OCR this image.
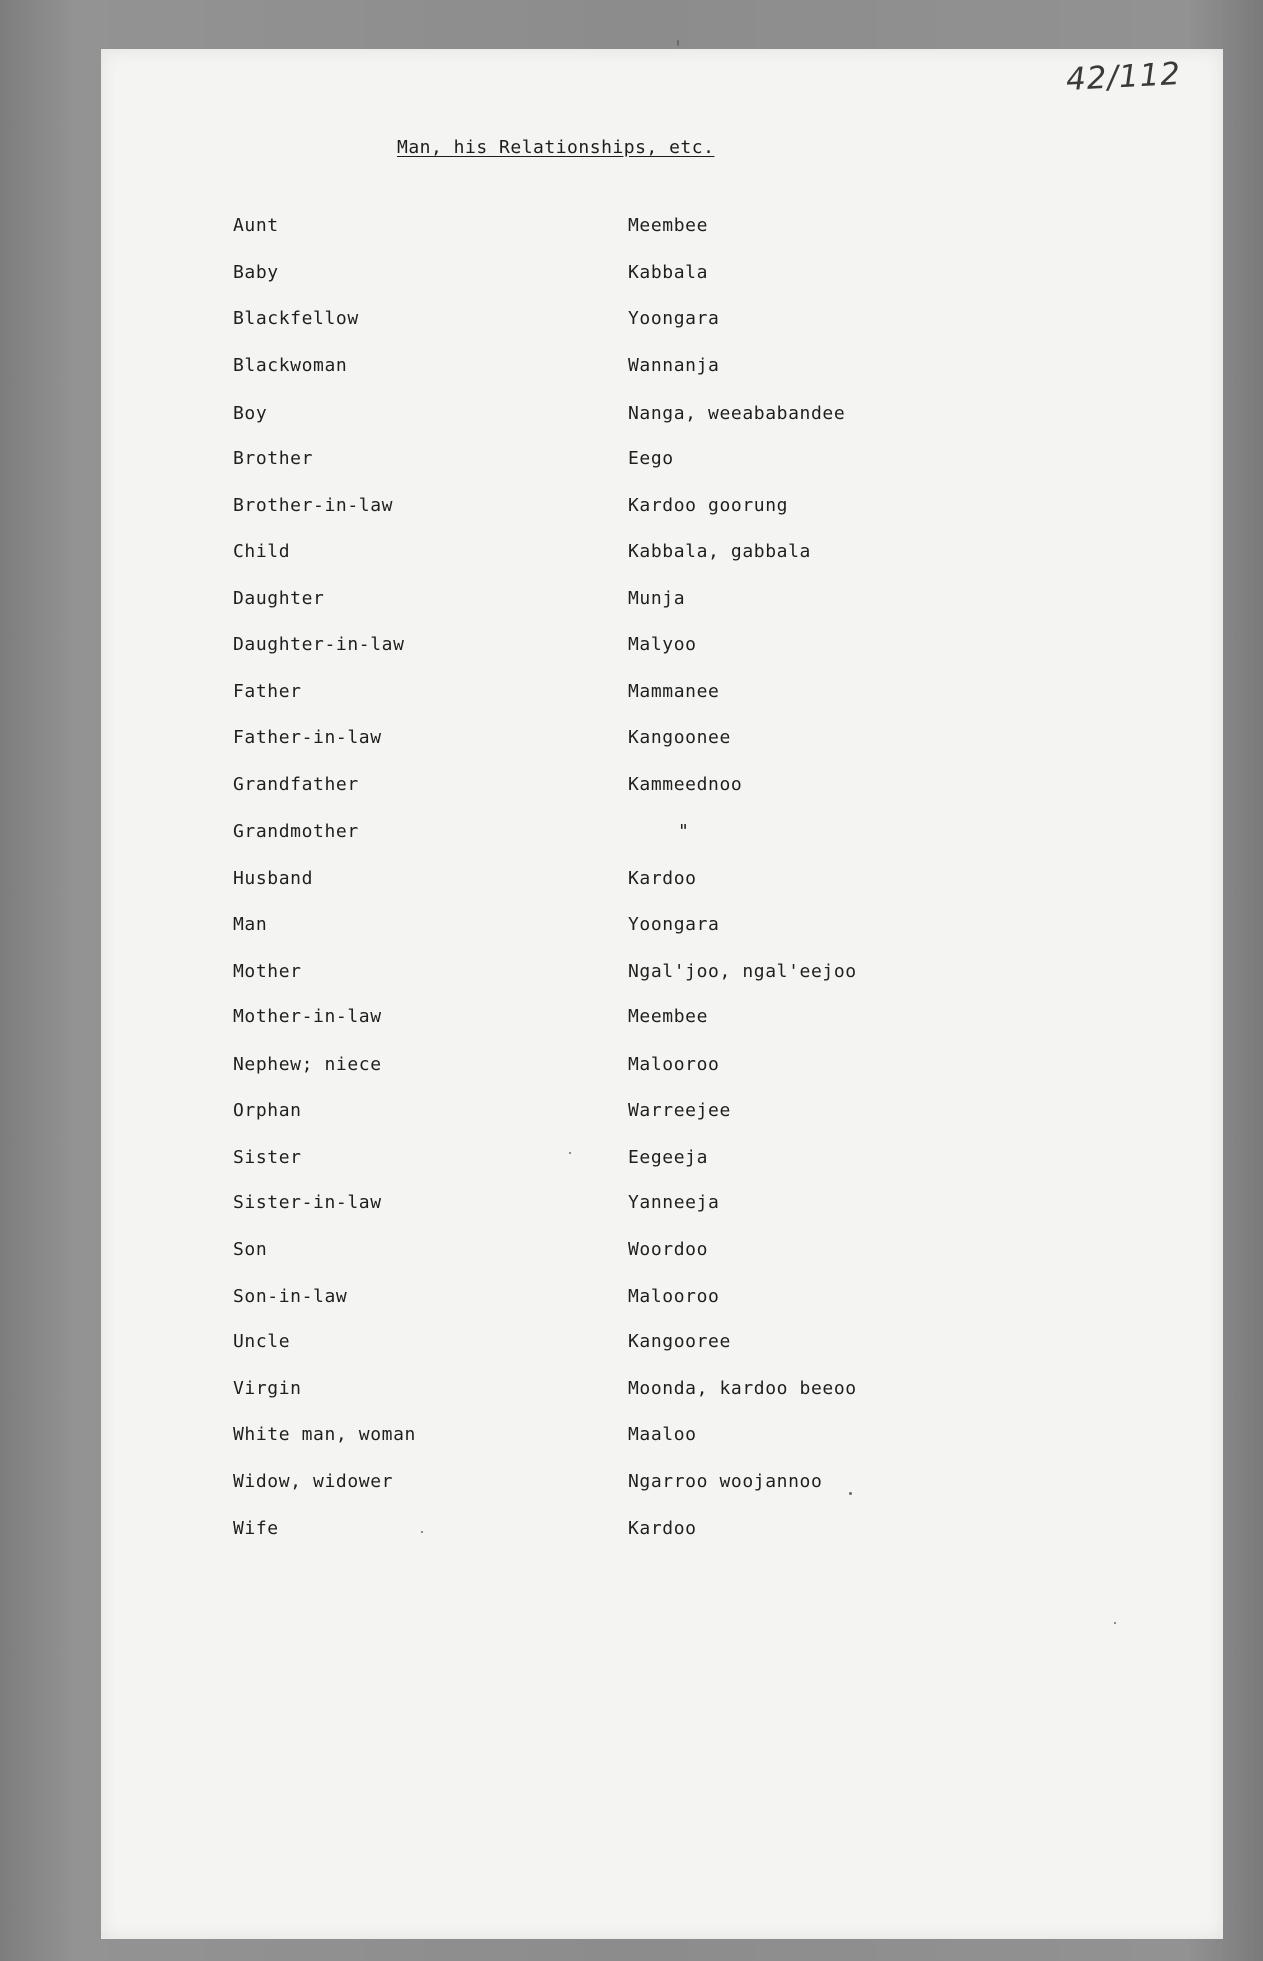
42/112
Man, his Relationships, etc.
Aunt	Meembee
Baby	Kabbala
Blackfellow	Yoongara
Blackwoman	Wannanja
Boy	Nanga, weeababandee
Brother	Eego
Brother-in-law	Kardoo goorung
Child	Kabbala, gabbala
Daughter	Munja
Daughter-in-law	Malyoo
Father	Mammanee
Father-in-law	Kangoonee
Grandfather	Kammeednoo
Grandmother	"
Husband	Kardoo
Man	Yoongara
Mother	Ngal'joo, ngal'eejoo
Mother-in-law	Meembee
Nephew; niece	Malooroo
Orphan	Warreejee
Sister	Eegeeja
Sister-in-law	Yanneeja
Son	Woordoo
Son-in-law	Malooroo
Uncle	Kangooree
Virgin	Moonda, kardoo beeoo
White man, woman	Maaloo
Widow, widower	Ngarroo woojannoo
Wife	Kardoo
